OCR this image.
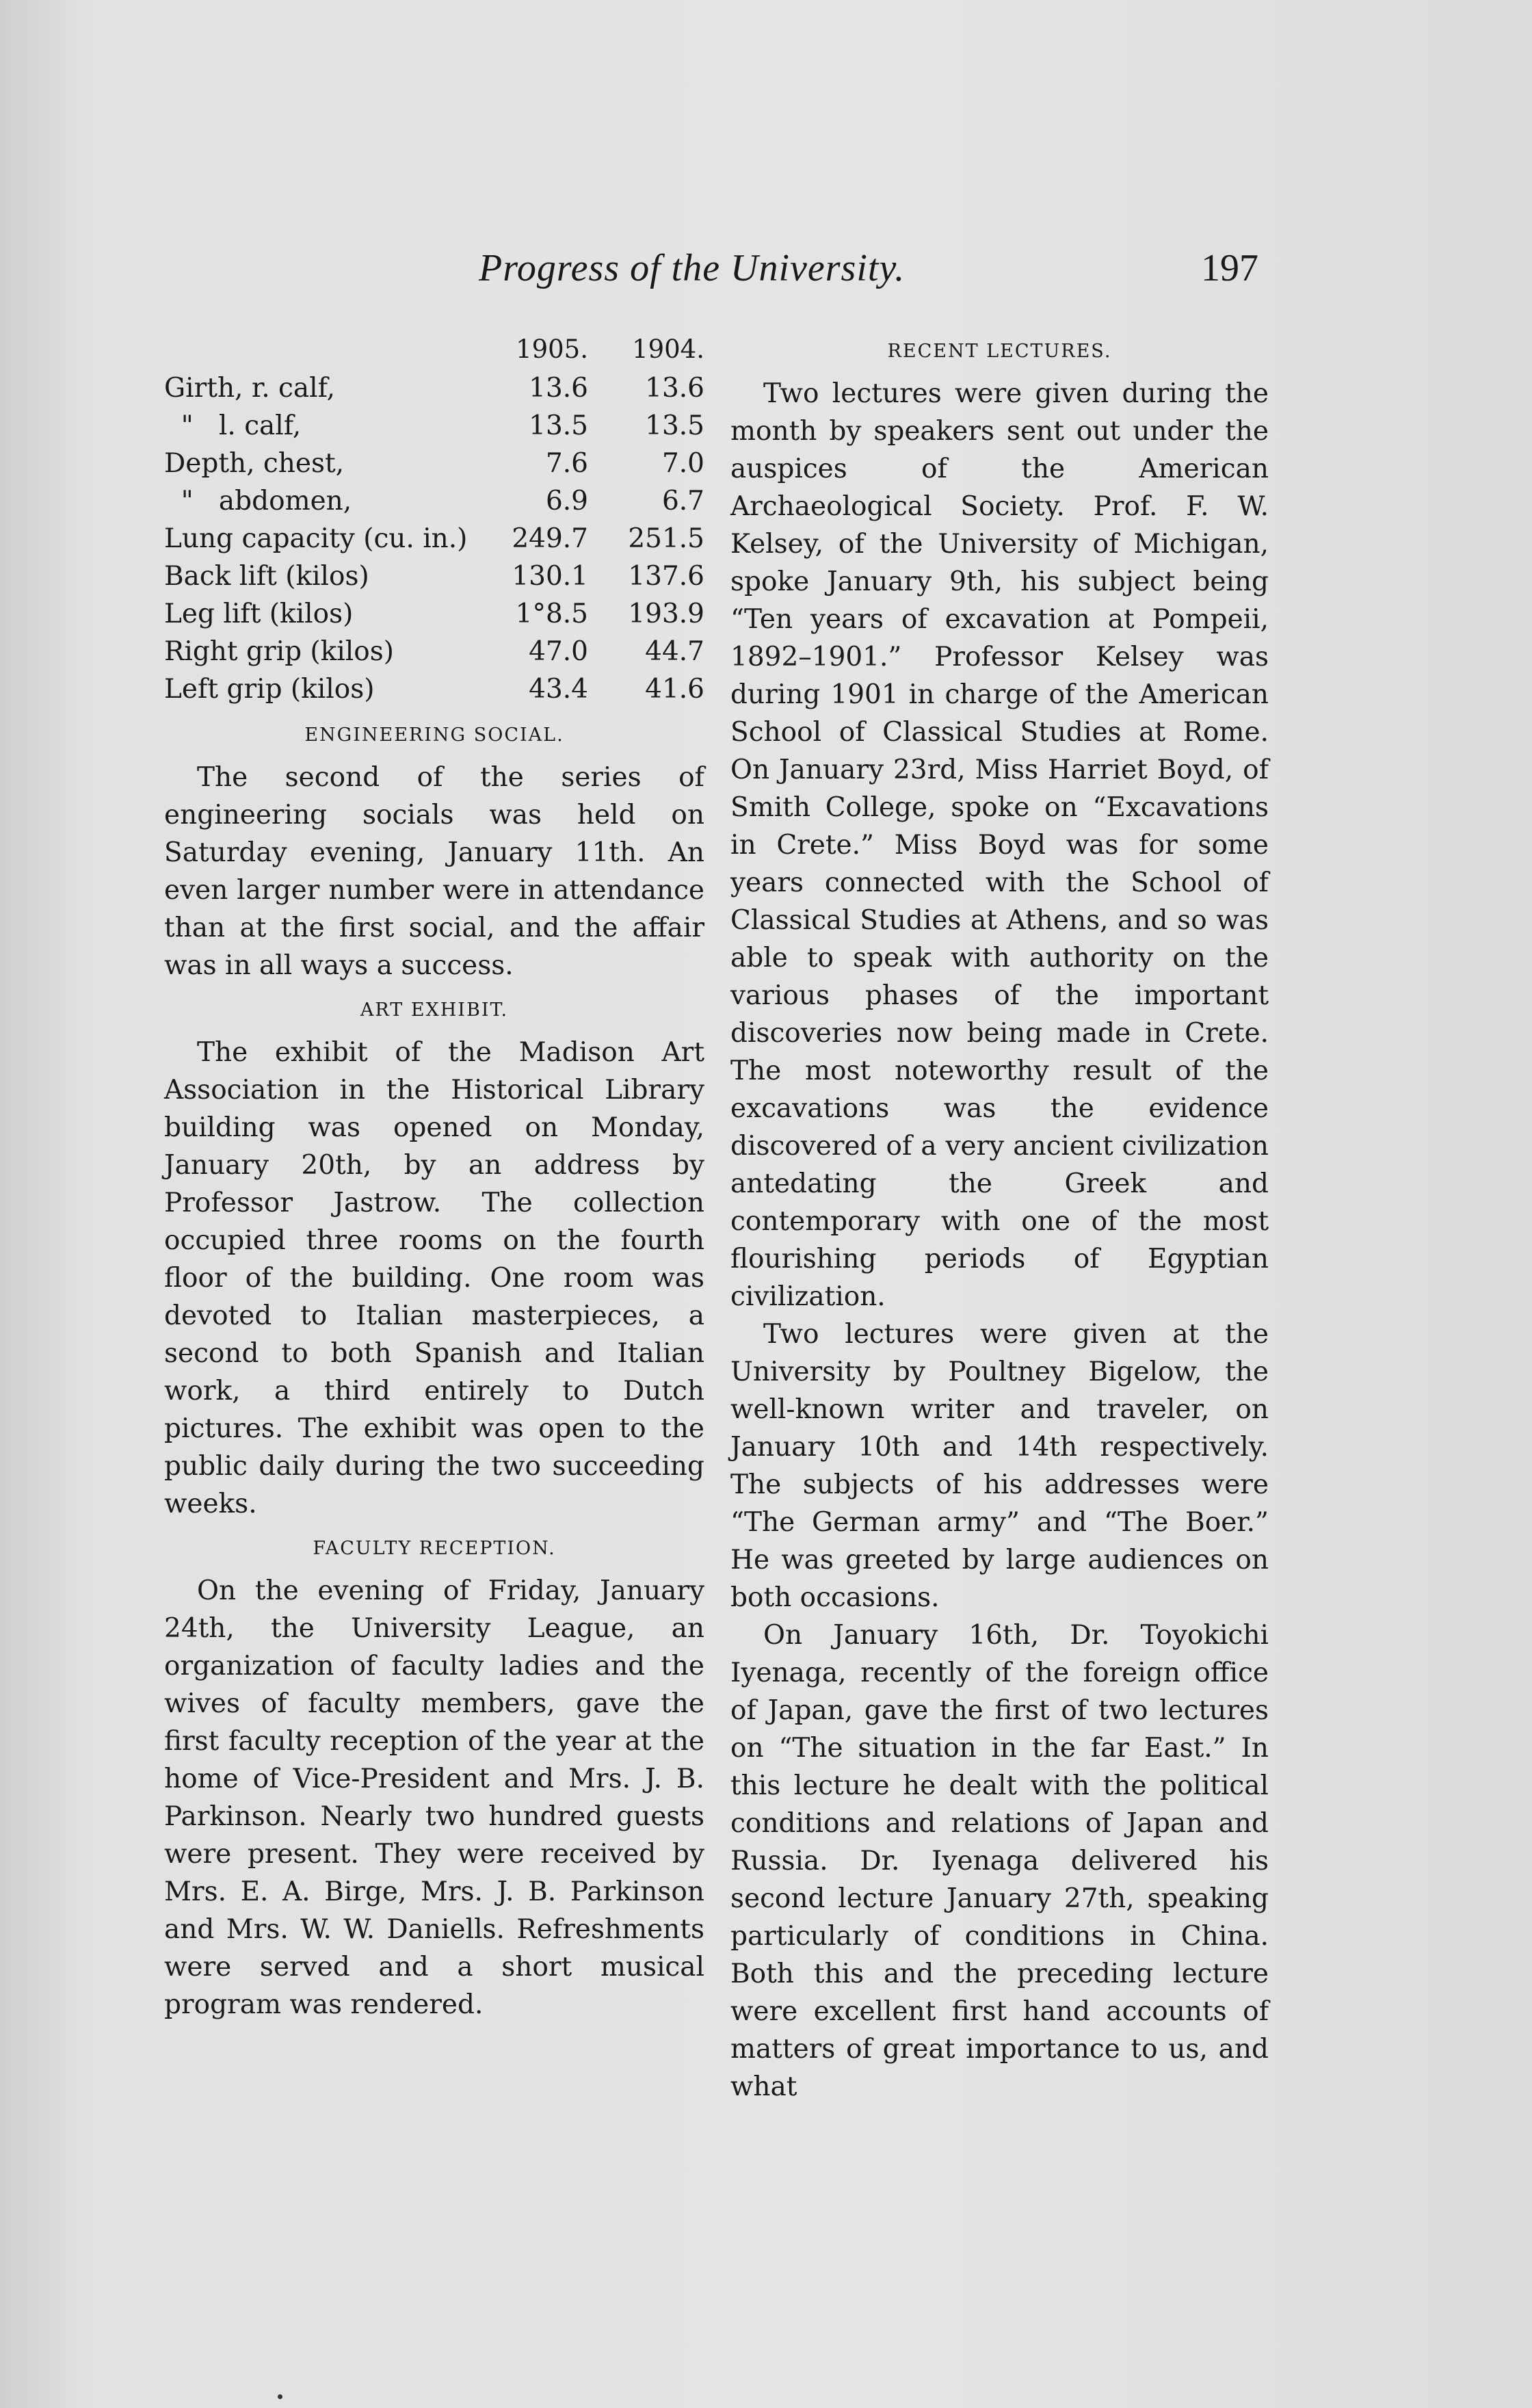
Progress of the University.	197
	1905.	1904.
Girth, r. calf,	13.6	13.6
"   l. calf,	13.5	13.5
Depth, chest,	7.6	7.0
"   abdomen,	6.9	6.7
Lung capacity (cu. in.)	249.7	251.5
Back lift (kilos)	130.1	137.6
Leg lift (kilos)	1°8.5	193.9
Right grip (kilos)	47.0	44.7
Left grip (kilos)	43.4	41.6
ENGINEERING SOCIAL.

The second of the series of engineering socials was held on Saturday evening, January 11th. An even larger number were in attendance than at the first social, and the affair was in all ways a success.

ART EXHIBIT.

The exhibit of the Madison Art Association in the Historical Library building was opened on Monday, January 20th, by an address by Professor Jastrow. The collection occupied three rooms on the fourth floor of the building. One room was devoted to Italian masterpieces, a second to both Spanish and Italian work, a third entirely to Dutch pictures. The exhibit was open to the public daily during the two succeeding weeks.

FACULTY RECEPTION.

On the evening of Friday, January 24th, the University League, an organization of faculty ladies and the wives of faculty members, gave the first faculty reception of the year at the home of Vice-President and Mrs. J. B. Parkinson. Nearly two hundred guests were present. They were received by Mrs. E. A. Birge, Mrs. J. B. Parkinson and Mrs. W. W. Daniells. Refreshments were served and a short musical program was rendered.

RECENT LECTURES.

Two lectures were given during the month by speakers sent out under the auspices of the American Archaeological Society. Prof. F. W. Kelsey, of the University of Michigan, spoke January 9th, his subject being “Ten years of excavation at Pompeii, 1892–1901.” Professor Kelsey was during 1901 in charge of the American School of Classical Studies at Rome. On January 23rd, Miss Harriet Boyd, of Smith College, spoke on “Excavations in Crete.” Miss Boyd was for some years connected with the School of Classical Studies at Athens, and so was able to speak with authority on the various phases of the important discoveries now being made in Crete. The most noteworthy result of the excavations was the evidence discovered of a very ancient civilization antedating the Greek and contemporary with one of the most flourishing periods of Egyptian civilization.

Two lectures were given at the University by Poultney Bigelow, the well-known writer and traveler, on January 10th and 14th respectively. The subjects of his addresses were “The German army” and “The Boer.” He was greeted by large audiences on both occasions.

On January 16th, Dr. Toyokichi Iyenaga, recently of the foreign office of Japan, gave the first of two lectures on “The situation in the far East.” In this lecture he dealt with the political conditions and relations of Japan and Russia. Dr. Iyenaga delivered his second lecture January 27th, speaking particularly of conditions in China. Both this and the preceding lecture were excellent first hand accounts of matters of great importance to us, and what
